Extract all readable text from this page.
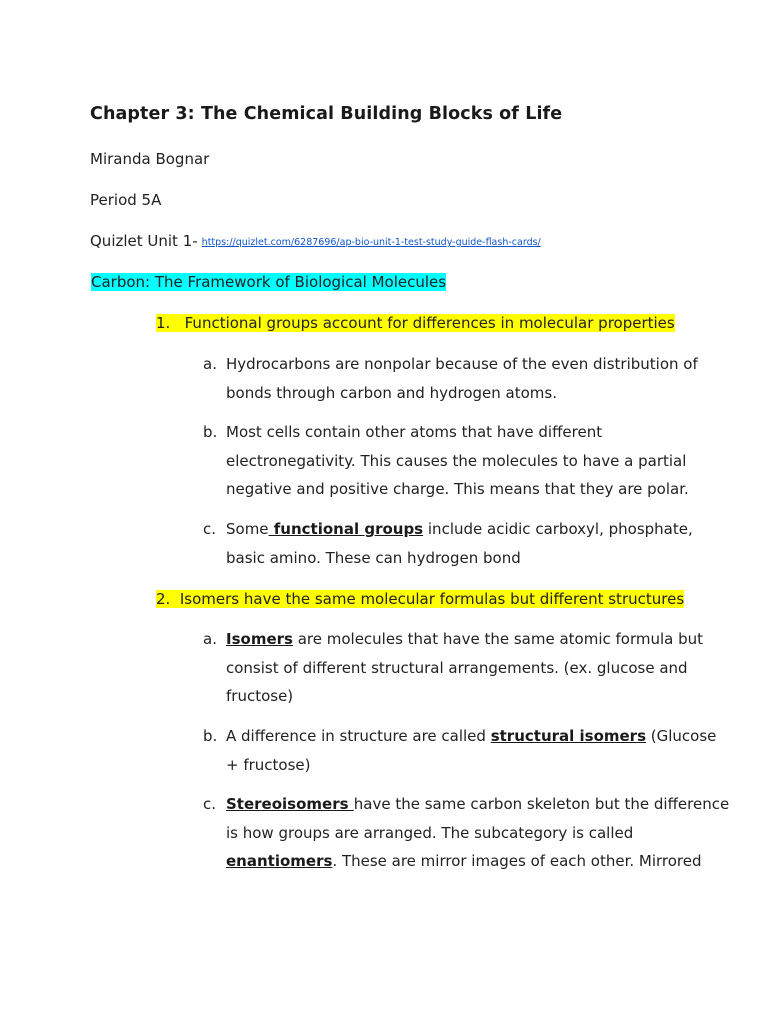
Chapter 3: The Chemical Building Blocks of Life
Miranda Bognar
Period 5A
Quizlet Unit 1- https://quizlet.com/6287696/ap-bio-unit-1-test-study-guide-flash-cards/
Carbon: The Framework of Biological Molecules
1. Functional groups account for differences in molecular properties
a. Hydrocarbons are nonpolar because of the even distribution of bonds through carbon and hydrogen atoms.
b. Most cells contain other atoms that have different electronegativity. This causes the molecules to have a partial negative and positive charge. This means that they are polar.
c. Some functional groups include acidic carboxyl, phosphate, basic amino. These can hydrogen bond
2. Isomers have the same molecular formulas but different structures
a. Isomers are molecules that have the same atomic formula but consist of different structural arrangements. (ex. glucose and fructose)
b. A difference in structure are called structural isomers (Glucose + fructose)
c. Stereoisomers have the same carbon skeleton but the difference is how groups are arranged. The subcategory is called enantiomers. These are mirror images of each other. Mirrored
